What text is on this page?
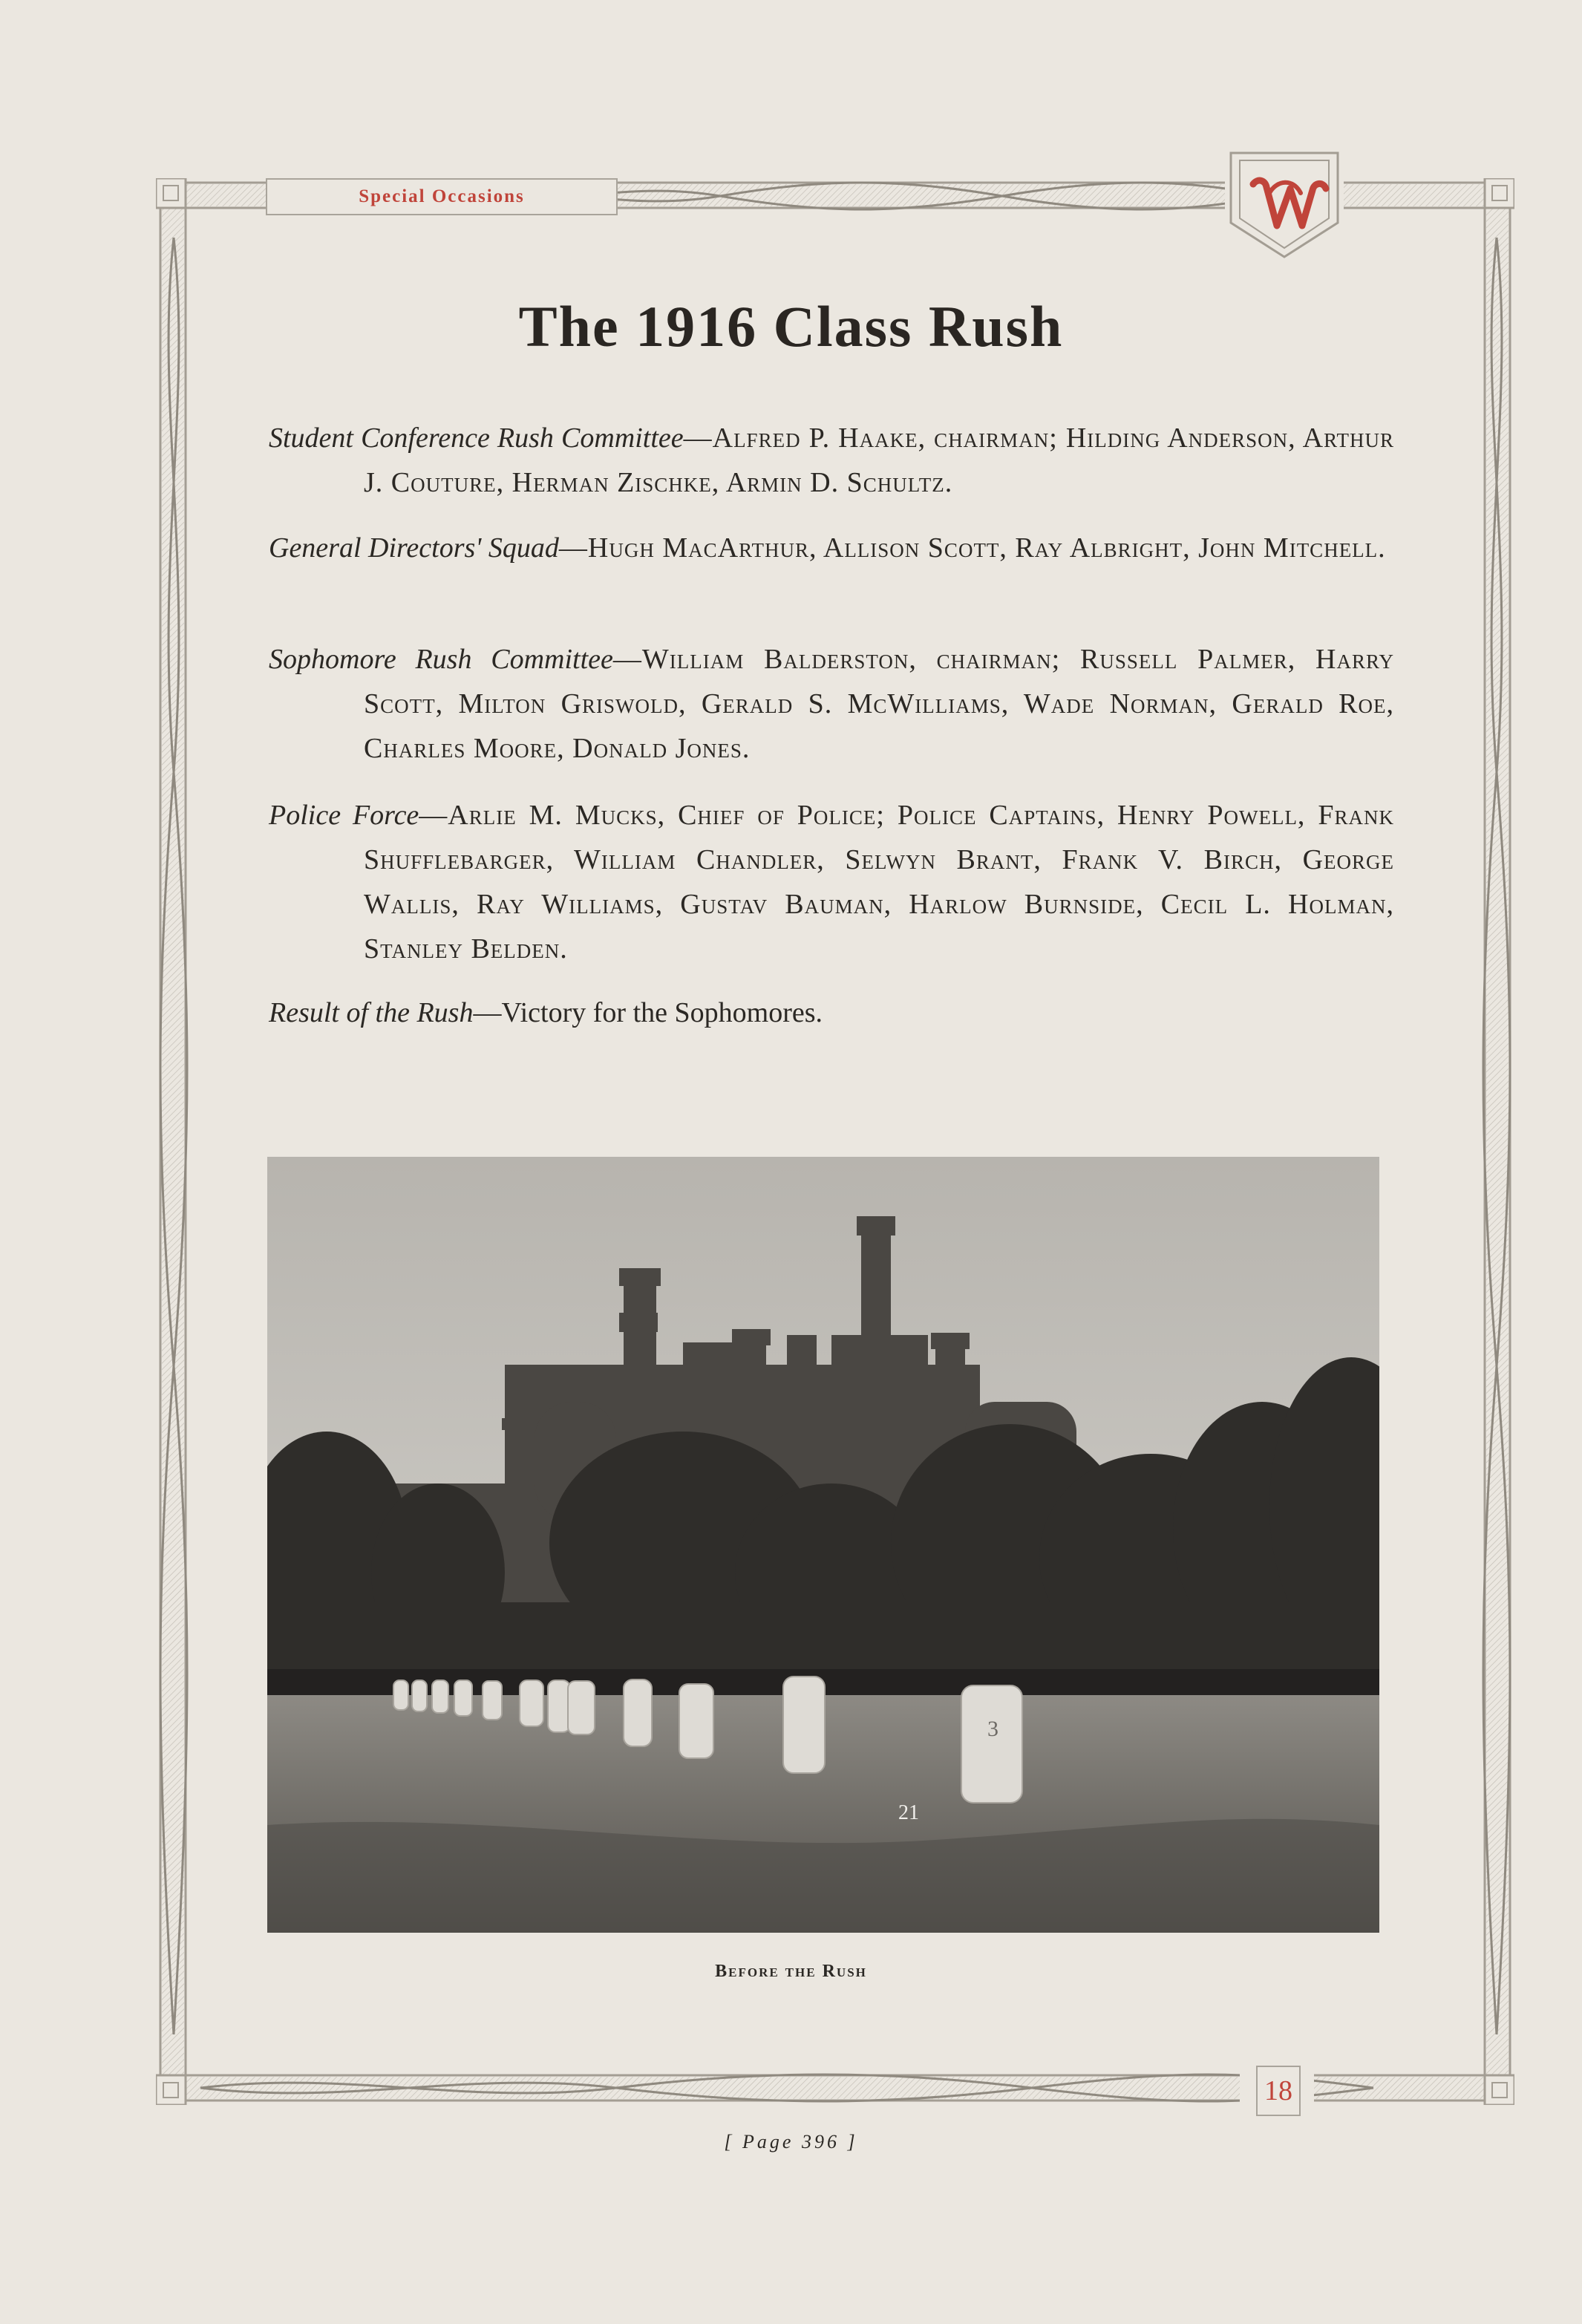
Special Occasions
The 1916 Class Rush
Student Conference Rush Committee—Alfred P. Haake, chairman; Hilding Anderson, Arthur J. Couture, Herman Zischke, Armin D. Schultz.
General Directors' Squad—Hugh MacArthur, Allison Scott, Ray Albright, John Mitchell.
Sophomore Rush Committee—William Balderston, chairman; Russell Palmer, Harry Scott, Milton Griswold, Gerald S. McWilliams, Wade Norman, Gerald Roe, Charles Moore, Donald Jones.
Police Force—Arlie M. Mucks, Chief of Police; Police Captains, Henry Powell, Frank Shufflebarger, William Chandler, Selwyn Brant, Frank V. Birch, George Wallis, Ray Williams, Gustav Bauman, Harlow Burnside, Cecil L. Holman, Stanley Belden.
Result of the Rush—Victory for the Sophomores.
3
21
Before the Rush
18
[ Page 396 ]
